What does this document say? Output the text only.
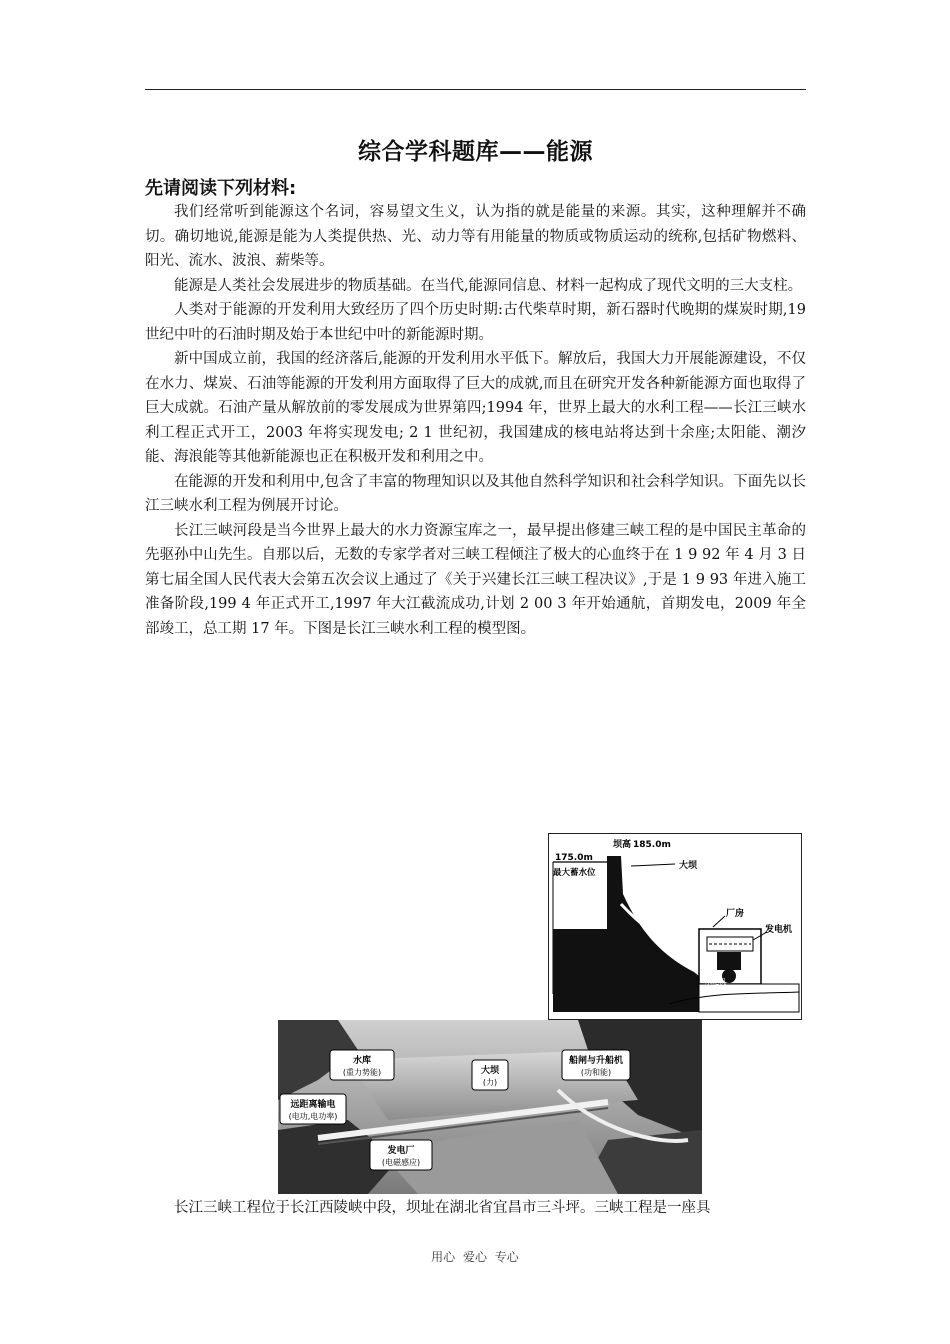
综合学科题库——能源
先请阅读下列材料:

我们经常听到能源这个名词，容易望文生义，认为指的就是能量的来源。其实，这种理解并不确切。确切地说,能源是能为人类提供热、光、动力等有用能量的物质或物质运动的统称,包括矿物燃料、阳光、流水、波浪、薪柴等。

能源是人类社会发展进步的物质基础。在当代,能源同信息、材料一起构成了现代文明的三大支柱。

人类对于能源的开发利用大致经历了四个历史时期:古代柴草时期，新石器时代晚期的煤炭时期,19 世纪中叶的石油时期及始于本世纪中叶的新能源时期。

新中国成立前，我国的经济落后,能源的开发利用水平低下。解放后，我国大力开展能源建设，不仅在水力、煤炭、石油等能源的开发利用方面取得了巨大的成就,而且在研究开发各种新能源方面也取得了巨大成就。石油产量从解放前的零发展成为世界第四;1994 年，世界上最大的水利工程——长江三峡水利工程正式开工，2003 年将实现发电; 2 1 世纪初，我国建成的核电站将达到十余座;太阳能、潮汐能、海浪能等其他新能源也正在积极开发和利用之中。

在能源的开发和利用中,包含了丰富的物理知识以及其他自然科学知识和社会科学知识。下面先以长江三峡水利工程为例展开讨论。

长江三峡河段是当今世界上最大的水力资源宝库之一，最早提出修建三峡工程的是中国民主革命的先驱孙中山先生。自那以后，无数的专家学者对三峡工程倾注了极大的心血终于在 1 9 92 年 4 月 3 日第七届全国人民代表大会第五次会议上通过了《关于兴建长江三峡工程决议》,于是 1 9 93 年进入施工准备阶段,199 4 年正式开工,1997 年大江截流成功,计划 2 00 3 年开始通航，首期发电，2009 年全部竣工，总工期 17 年。下图是长江三峡水利工程的模型图。

坝高 185.0m
175.0m
最大蓄水位
大坝
厂房
发电机
水轮机
水库
(重力势能)	大坝
(力)
船闸与升船机
(功和能)
远距离输电
(电功,电功率)
发电厂
(电磁感应)
长江三峡工程位于长江西陵峡中段，坝址在湖北省宜昌市三斗坪。三峡工程是一座具
用心 爱心 专心
